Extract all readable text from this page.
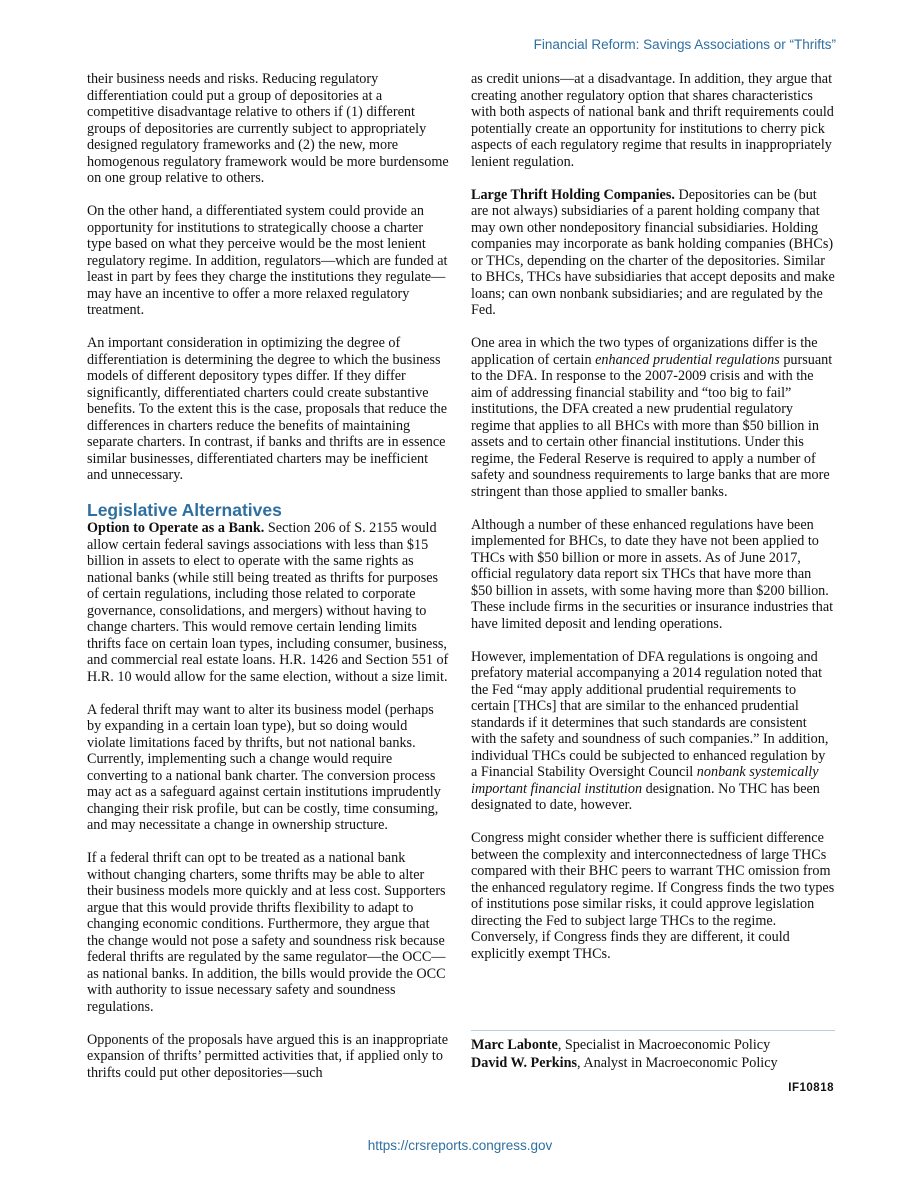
Financial Reform: Savings Associations or “Thrifts”

their business needs and risks. Reducing regulatory differentiation could put a group of depositories at a competitive disadvantage relative to others if (1) different groups of depositories are currently subject to appropriately designed regulatory frameworks and (2) the new, more homogenous regulatory framework would be more burdensome on one group relative to others.

On the other hand, a differentiated system could provide an opportunity for institutions to strategically choose a charter type based on what they perceive would be the most lenient regulatory regime. In addition, regulators—which are funded at least in part by fees they charge the institutions they regulate—may have an incentive to offer a more relaxed regulatory treatment.

An important consideration in optimizing the degree of differentiation is determining the degree to which the business models of different depository types differ. If they differ significantly, differentiated charters could create substantive benefits. To the extent this is the case, proposals that reduce the differences in charters reduce the benefits of maintaining separate charters. In contrast, if banks and thrifts are in essence similar businesses, differentiated charters may be inefficient and unnecessary.

Legislative Alternatives

Option to Operate as a Bank. Section 206 of S. 2155 would allow certain federal savings associations with less than $15 billion in assets to elect to operate with the same rights as national banks (while still being treated as thrifts for purposes of certain regulations, including those related to corporate governance, consolidations, and mergers) without having to change charters. This would remove certain lending limits thrifts face on certain loan types, including consumer, business, and commercial real estate loans. H.R. 1426 and Section 551 of H.R. 10 would allow for the same election, without a size limit.

A federal thrift may want to alter its business model (perhaps by expanding in a certain loan type), but so doing would violate limitations faced by thrifts, but not national banks. Currently, implementing such a change would require converting to a national bank charter. The conversion process may act as a safeguard against certain institutions imprudently changing their risk profile, but can be costly, time consuming, and may necessitate a change in ownership structure.

If a federal thrift can opt to be treated as a national bank without changing charters, some thrifts may be able to alter their business models more quickly and at less cost. Supporters argue that this would provide thrifts flexibility to adapt to changing economic conditions. Furthermore, they argue that the change would not pose a safety and soundness risk because federal thrifts are regulated by the same regulator—the OCC—as national banks. In addition, the bills would provide the OCC with authority to issue necessary safety and soundness regulations.

Opponents of the proposals have argued this is an inappropriate expansion of thrifts’ permitted activities that, if applied only to thrifts could put other depositories—such

as credit unions—at a disadvantage. In addition, they argue that creating another regulatory option that shares characteristics with both aspects of national bank and thrift requirements could potentially create an opportunity for institutions to cherry pick aspects of each regulatory regime that results in inappropriately lenient regulation.

Large Thrift Holding Companies. Depositories can be (but are not always) subsidiaries of a parent holding company that may own other nondepository financial subsidiaries. Holding companies may incorporate as bank holding companies (BHCs) or THCs, depending on the charter of the depositories. Similar to BHCs, THCs have subsidiaries that accept deposits and make loans; can own nonbank subsidiaries; and are regulated by the Fed.

One area in which the two types of organizations differ is the application of certain enhanced prudential regulations pursuant to the DFA. In response to the 2007-2009 crisis and with the aim of addressing financial stability and “too big to fail” institutions, the DFA created a new prudential regulatory regime that applies to all BHCs with more than $50 billion in assets and to certain other financial institutions. Under this regime, the Federal Reserve is required to apply a number of safety and soundness requirements to large banks that are more stringent than those applied to smaller banks.

Although a number of these enhanced regulations have been implemented for BHCs, to date they have not been applied to THCs with $50 billion or more in assets. As of June 2017, official regulatory data report six THCs that have more than $50 billion in assets, with some having more than $200 billion. These include firms in the securities or insurance industries that have limited deposit and lending operations.

However, implementation of DFA regulations is ongoing and prefatory material accompanying a 2014 regulation noted that the Fed “may apply additional prudential requirements to certain [THCs] that are similar to the enhanced prudential standards if it determines that such standards are consistent with the safety and soundness of such companies.” In addition, individual THCs could be subjected to enhanced regulation by a Financial Stability Oversight Council nonbank systemically important financial institution designation. No THC has been designated to date, however.

Congress might consider whether there is sufficient difference between the complexity and interconnectedness of large THCs compared with their BHC peers to warrant THC omission from the enhanced regulatory regime. If Congress finds the two types of institutions pose similar risks, it could approve legislation directing the Fed to subject large THCs to the regime. Conversely, if Congress finds they are different, it could explicitly exempt THCs.

Marc Labonte, Specialist in Macroeconomic Policy
David W. Perkins, Analyst in Macroeconomic Policy
IF10818
https://crsreports.congress.gov
